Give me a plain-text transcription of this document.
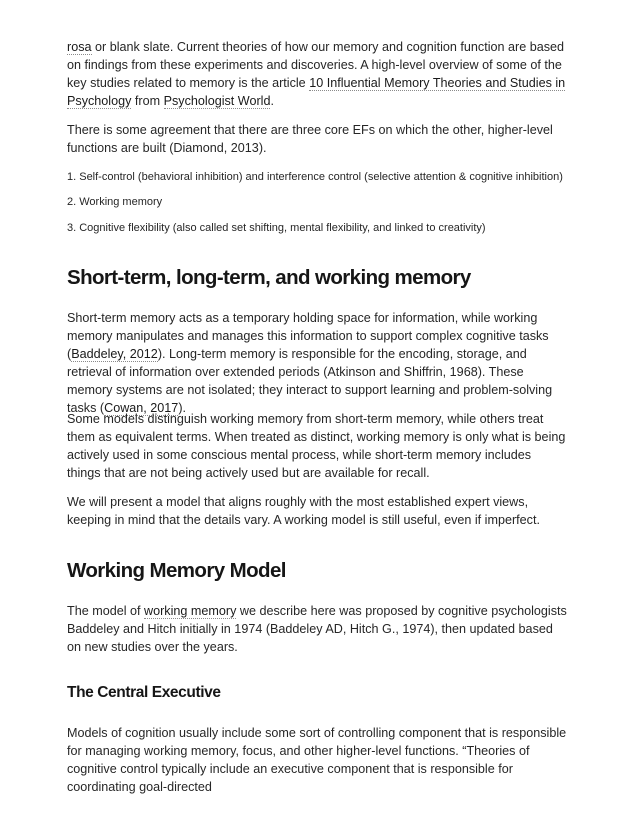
rosa or blank slate. Current theories of how our memory and cognition function are based on findings from these experiments and discoveries. A high-level overview of some of the key studies related to memory is the article 10 Influential Memory Theories and Studies in Psychology from Psychologist World.

There is some agreement that there are three core EFs on which the other, higher-level functions are built (Diamond, 2013).

1. Self-control (behavioral inhibition) and interference control (selective attention & cognitive inhibition)
2. Working memory
3. Cognitive flexibility (also called set shifting, mental flexibility, and linked to creativity)
Short-term, long-term, and working memory

Short-term memory acts as a temporary holding space for information, while working memory manipulates and manages this information to support complex cognitive tasks (Baddeley, 2012). Long-term memory is responsible for the encoding, storage, and retrieval of information over extended periods (Atkinson and Shiffrin, 1968). These memory systems are not isolated; they interact to support learning and problem-solving tasks (Cowan, 2017).

Some models distinguish working memory from short-term memory, while others treat them as equivalent terms. When treated as distinct, working memory is only what is being actively used in some conscious mental process, while short-term memory includes things that are not being actively used but are available for recall.

We will present a model that aligns roughly with the most established expert views, keeping in mind that the details vary. A working model is still useful, even if imperfect.

Working Memory Model

The model of working memory we describe here was proposed by cognitive psychologists Baddeley and Hitch initially in 1974 (Baddeley AD, Hitch G., 1974), then updated based on new studies over the years.

The Central Executive

Models of cognition usually include some sort of controlling component that is responsible for managing working memory, focus, and other higher-level functions. “Theories of cognitive control typically include an executive component that is responsible for coordinating goal-directed
